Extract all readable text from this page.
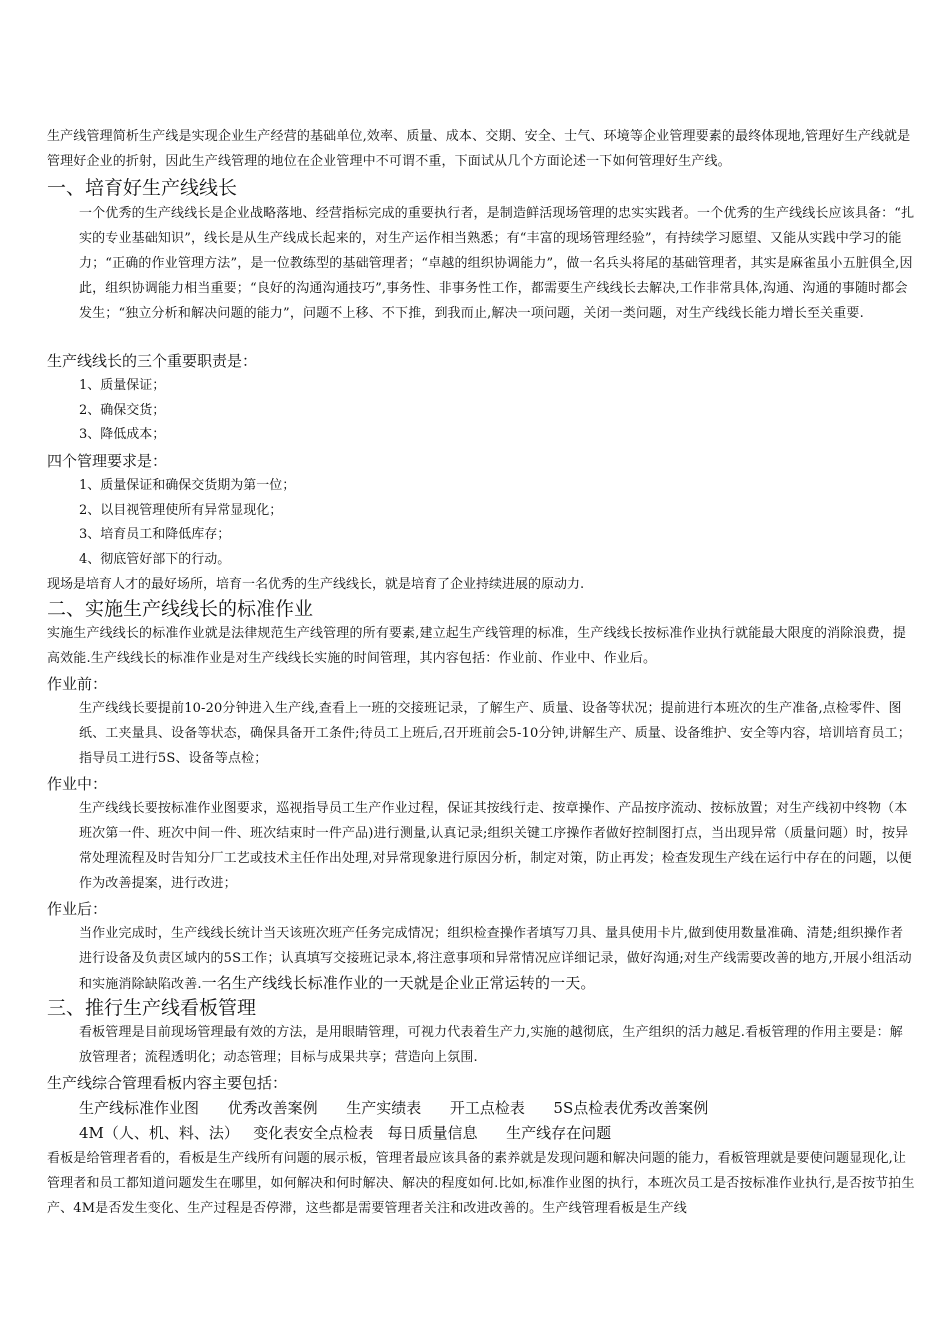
生产线管理简析生产线是实现企业生产经营的基础单位,效率、质量、成本、交期、安全、士气、环境等企业管理要素的最终体现地,管理好生产线就是管理好企业的折射，因此生产线管理的地位在企业管理中不可谓不重，下面试从几个方面论述一下如何管理好生产线。

一、培育好生产线线长

一个优秀的生产线线长是企业战略落地、经营指标完成的重要执行者，是制造鲜活现场管理的忠实实践者。一个优秀的生产线线长应该具备：“扎实的专业基础知识”，线长是从生产线成长起来的，对生产运作相当熟悉；有“丰富的现场管理经验”，有持续学习愿望、又能从实践中学习的能力；“正确的作业管理方法”，是一位教练型的基础管理者；“卓越的组织协调能力”，做一名兵头将尾的基础管理者，其实是麻雀虽小五脏俱全,因此，组织协调能力相当重要；“良好的沟通沟通技巧”,事务性、非事务性工作，都需要生产线线长去解决,工作非常具体,沟通、沟通的事随时都会发生；“独立分析和解决问题的能力”，问题不上移、不下推，到我而止,解决一项问题，关闭一类问题，对生产线线长能力增长至关重要.

生产线线长的三个重要职责是：
1、质量保证；
2、确保交货；
3、降低成本；
四个管理要求是：
1、质量保证和确保交货期为第一位；
2、以目视管理使所有异常显现化；
3、培育员工和降低库存；
4、彻底管好部下的行动。
现场是培育人才的最好场所，培育一名优秀的生产线线长，就是培育了企业持续进展的原动力.
二、实施生产线线长的标准作业

实施生产线线长的标准作业就是法律规范生产线管理的所有要素,建立起生产线管理的标准，生产线线长按标准作业执行就能最大限度的消除浪费，提高效能.生产线线长的标准作业是对生产线线长实施的时间管理，其内容包括：作业前、作业中、作业后。

作业前：

生产线线长要提前10-20分钟进入生产线,查看上一班的交接班记录，了解生产、质量、设备等状况；提前进行本班次的生产准备,点检零件、图纸、工夹量具、设备等状态，确保具备开工条件;待员工上班后,召开班前会5-10分钟,讲解生产、质量、设备维护、安全等内容，培训培育员工；指导员工进行5S、设备等点检；

作业中：

生产线线长要按标准作业图要求，巡视指导员工生产作业过程，保证其按线行走、按章操作、产品按序流动、按标放置；对生产线初中终物（本班次第一件、班次中间一件、班次结束时一件产品)进行测量,认真记录;组织关键工序操作者做好控制图打点，当出现异常（质量问题）时，按异常处理流程及时告知分厂工艺或技术主任作出处理,对异常现象进行原因分析，制定对策，防止再发；检查发现生产线在运行中存在的问题，以便作为改善提案，进行改进；

作业后：

当作业完成时，生产线线长统计当天该班次班产任务完成情况；组织检查操作者填写刀具、量具使用卡片,做到使用数量准确、清楚;组织操作者进行设备及负责区域内的5S工作；认真填写交接班记录本,将注意事项和异常情况应详细记录，做好沟通;对生产线需要改善的地方,开展小组活动和实施消除缺陷改善.一名生产线线长标准作业的一天就是企业正常运转的一天。

三、推行生产线看板管理

看板管理是目前现场管理最有效的方法，是用眼睛管理，可视力代表着生产力,实施的越彻底，生产组织的活力越足.看板管理的作用主要是：解放管理者；流程透明化；动态管理；目标与成果共享；营造向上氛围.

生产线综合管理看板内容主要包括：
生产线标准作业图      优秀改善案例      生产实绩表      开工点检表      5S点检表优秀改善案例
4M（人、机、料、法）   变化表安全点检表   每日质量信息      生产线存在问题

看板是给管理者看的，看板是生产线所有问题的展示板，管理者最应该具备的素养就是发现问题和解决问题的能力，看板管理就是要使问题显现化,让管理者和员工都知道问题发生在哪里，如何解决和何时解决、解决的程度如何.比如,标准作业图的执行，本班次员工是否按标准作业执行,是否按节拍生产、4M是否发生变化、生产过程是否停滞，这些都是需要管理者关注和改进改善的。生产线管理看板是生产线
